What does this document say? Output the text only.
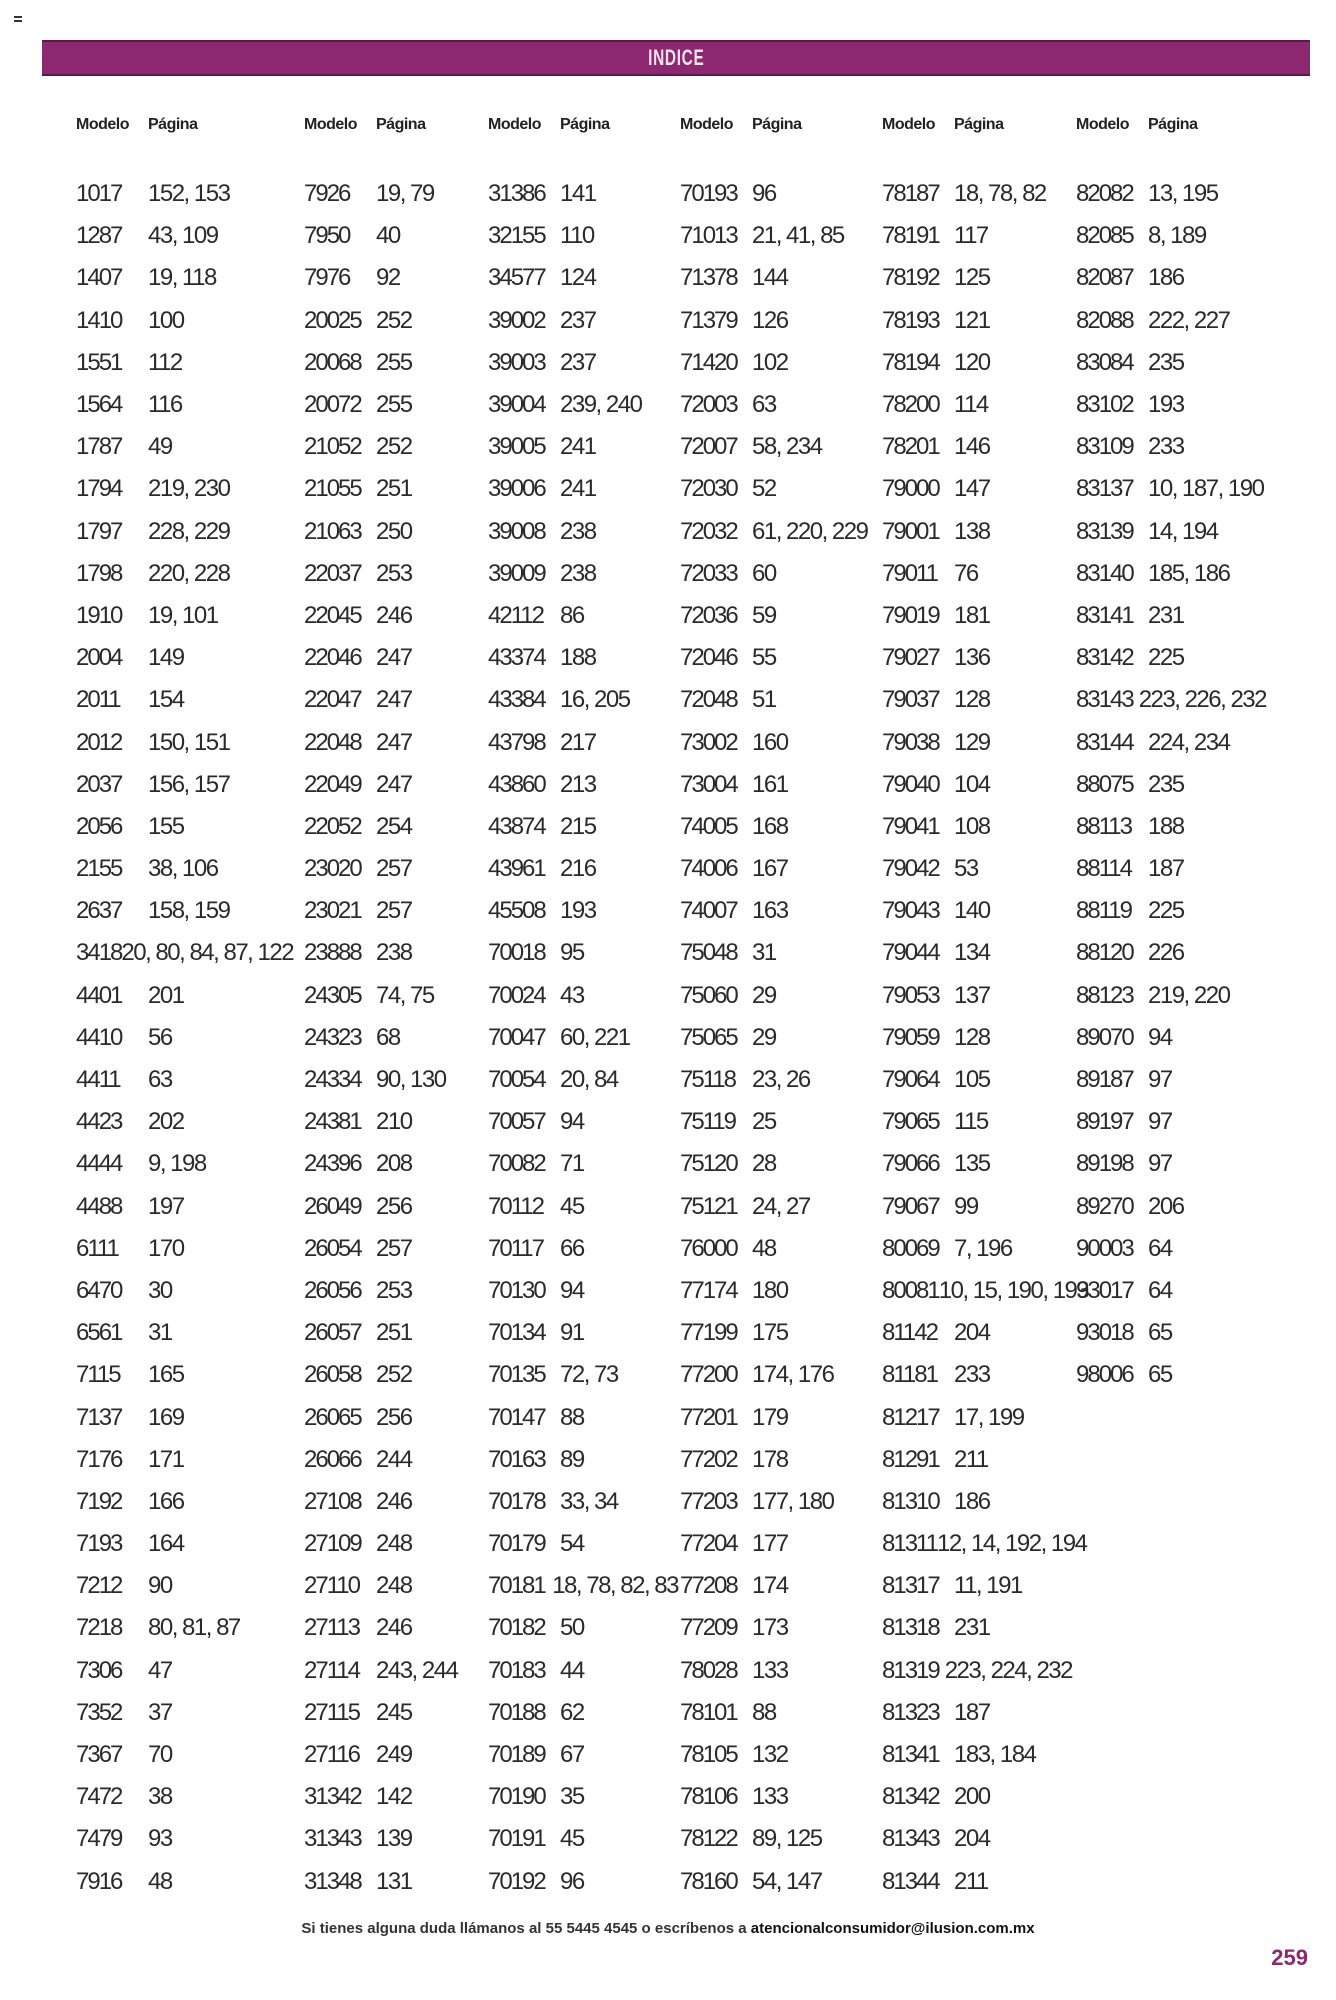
INDICE
Modelo	Página
1017	152, 153
1287	43, 109
1407	19, 118
1410	100
1551	112
1564	116
1787	49
1794	219, 230
1797	228, 229
1798	220, 228
1910	19, 101
2004	149
2011	154
2012	150, 151
2037	156, 157
2056	155
2155	38, 106
2637	158, 159
3418 20, 80, 84, 87, 122
4401	201
4410	56
4411	63
4423	202
4444	9, 198
4488	197
6111	170
6470	30
6561	31
7115	165
7137	169
7176	171
7192	166
7193	164
7212	90
7218	80, 81, 87
7306	47
7352	37
7367	70
7472	38
7479	93
7916	48
Modelo	Página
7926	19, 79
7950	40
7976	92
20025 252
20068 255
20072 255
21052 252
21055 251
21063 250
22037 253
22045 246
22046 247
22047 247
22048 247
22049 247
22052 254
23020 257
23021 257
23888 238
24305 74, 75
24323 68
24334 90, 130
24381 210
24396 208
26049 256
26054 257
26056 253
26057 251
26058 252
26065 256
26066 244
27108 246
27109 248
27110 248
27113 246
27114 243, 244
27115 245
27116 249
31342 142
31343 139
31348 131
Modelo	Página
31386 141
32155 110
34577 124
39002 237
39003 237
39004 239, 240
39005 241
39006 241
39008 238
39009 238
42112 86
43374 188
43384 16, 205
43798 217
43860 213
43874 215
43961 216
45508 193
70018 95
70024 43
70047 60, 221
70054 20, 84
70057 94
70082 71
70112 45
70117 66
70130 94
70134 91
70135 72, 73
70147 88
70163 89
70178 33, 34
70179 54
70181 18, 78, 82, 83
70182 50
70183 44
70188 62
70189 67
70190 35
70191 45
70192 96
Modelo	Página
70193 96
71013 21, 41, 85
71378 144
71379 126
71420 102
72003 63
72007 58, 234
72030 52
72032 61, 220, 229
72033 60
72036 59
72046 55
72048 51
73002 160
73004 161
74005 168
74006 167
74007 163
75048 31
75060 29
75065 29
75118 23, 26
75119 25
75120 28
75121 24, 27
76000 48
77174 180
77199 175
77200 174, 176
77201 179
77202 178
77203 177, 180
77204 177
77208 174
77209 173
78028 133
78101 88
78105 132
78106 133
78122 89, 125
78160 54, 147
Modelo	Página
78187 18, 78, 82
78191 117
78192 125
78193 121
78194 120
78200 114
78201 146
79000 147
79001 138
79011 76
79019 181
79027 136
79037 128
79038 129
79040 104
79041 108
79042 53
79043 140
79044 134
79053 137
79059 128
79064 105
79065 115
79066 135
79067 99
80069 7, 196
80081 10, 15, 190, 193
81142 204
81181 233
81217 17, 199
81291 211
81310 186
81311 12, 14, 192, 194
81317 11, 191
81318 231
81319 223, 224, 232
81323 187
81341 183, 184
81342 200
81343 204
81344 211
Modelo	Página
82082 13, 195
82085 8, 189
82087 186
82088 222, 227
83084 235
83102 193
83109 233
83137 10, 187, 190
83139 14, 194
83140 185, 186
83141 231
83142 225
83143 223, 226, 232
83144 224, 234
88075 235
88113 188
88114 187
88119 225
88120 226
88123 219, 220
89070 94
89187 97
89197 97
89198 97
89270 206
90003 64
93017 64
93018 65
98006 65
Si tienes alguna duda llámanos al 55 5445 4545 o escríbenos a atencionalconsumidor@ilusion.com.mx
259
